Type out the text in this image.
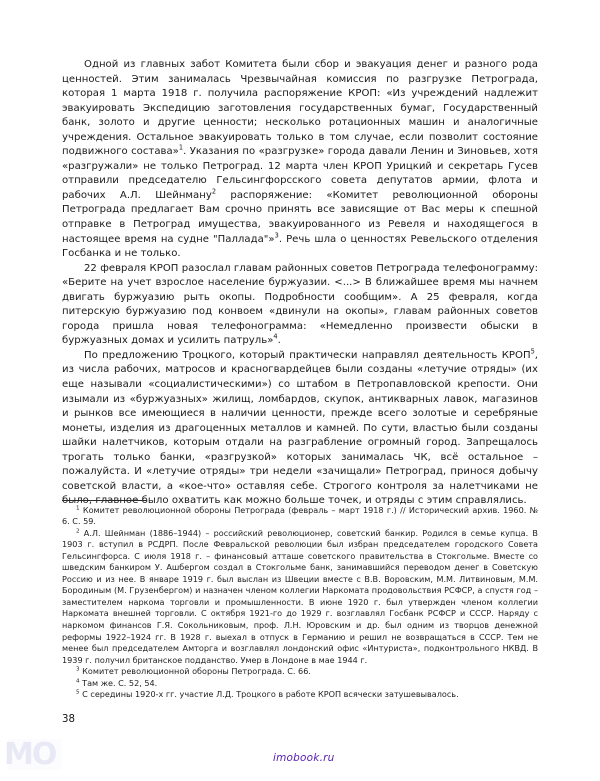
Одной из главных забот Комитета были сбор и эвакуация денег и разного рода ценностей. Этим занималась Чрезвычайная комиссия по разгрузке Петрограда, которая 1 марта 1918 г. получила распоряжение КРОП: «Из учреждений надлежит эвакуировать Экспедицию заготовления государственных бумаг, Государственный банк, золото и другие ценности; несколько ротационных машин и аналогичные учреждения. Остальное эвакуировать только в том случае, если позволит состояние подвижного состава»$^1$. Указания по «разгрузке» города давали Ленин и Зиновьев, хотя «разгружали» не только Петроград. 12 марта член КРОП Урицкий и секретарь Гусев отправили председателю Гельсингфорсского совета депутатов армии, флота и рабочих А.Л. Шейнману$^2$ распоряжение: «Комитет революционной обороны Петрограда предлагает Вам срочно принять все зависящие от Вас меры к спешной отправке в Петроград имущества, эвакуированного из Ревеля и находящегося в настоящее время на судне "Паллада"»$^3$. Речь шла о ценностях Ревельского отделения Госбанка и не только.

22 февраля КРОП разослал главам районных советов Петрограда телефонограмму: «Берите на учет взрослое население буржуазии. <...> В ближайшее время мы начнем двигать буржуазию рыть окопы. Подробности сообщим». А 25 февраля, когда питерскую буржуазию под конвоем «двинули на окопы», главам районных советов города пришла новая телефонограмма: «Немедленно произвести обыски в буржуазных домах и усилить патруль»$^4$.

По предложению Троцкого, который практически направлял деятельность КРОП$^5$, из числа рабочих, матросов и красногвардейцев были созданы «летучие отряды» (их еще называли «социалистическими») со штабом в Петропавловской крепости. Они изымали из «буржуазных» жилищ, ломбардов, скупок, антикварных лавок, магазинов и рынков все имеющиеся в наличии ценности, прежде всего золотые и серебряные монеты, изделия из драгоценных металлов и камней. По сути, властью были созданы шайки налетчиков, которым отдали на разграбление огромный город. Запрещалось трогать только банки, «разгрузкой» которых занималась ЧК, всё остальное – пожалуйста. И «летучие отряды» три недели «зачищали» Петроград, принося добычу советской власти, а «кое-что» оставляя себе. Строгого контроля за налетчиками не было, главное было охватить как можно больше точек, и отряды с этим справлялись.

$^1$ Комитет революционной обороны Петрограда (февраль – март 1918 г.) // Исторический архив. 1960. № 6. С. 59.

$^2$ А.Л. Шейнман (1886–1944) – российский революционер, советский банкир. Родился в семье купца. В 1903 г. вступил в РСДРП. После Февральской революции был избран председателем городского Совета Гельсингфорса. С июля 1918 г. – финансовый атташе советского правительства в Стокгольме. Вместе со шведским банкиром У. Ашбергом создал в Стокгольме банк, занимавшийся переводом денег в Советскую Россию и из нее. В январе 1919 г. был выслан из Швеции вместе с В.В. Воровским, М.М. Литвиновым, М.М. Бородиным (М. Грузенбергом) и назначен членом коллегии Наркомата продовольствия РСФСР, а спустя год – заместителем наркома торговли и промышленности. В июне 1920 г. был утвержден членом коллегии Наркомата внешней торговли. С октября 1921-го до 1929 г. возглавлял Госбанк РСФСР и СССР. Наряду с наркомом финансов Г.Я. Сокольниковым, проф. Л.Н. Юровским и др. был одним из творцов денежной реформы 1922–1924 гг. В 1928 г. выехал в отпуск в Германию и решил не возвращаться в СССР. Тем не менее был председателем Амторга и возглавлял лондонский офис «Интуриста», подконтрольного НКВД. В 1939 г. получил британское подданство. Умер в Лондоне в мае 1944 г.

$^3$ Комитет революционной обороны Петрограда. С. 66.

$^4$ Там же. С. 52, 54.

$^5$ С середины 1920-х гг. участие Л.Д. Троцкого в работе КРОП всячески затушевывалось.

38
MO	imobook.ru
